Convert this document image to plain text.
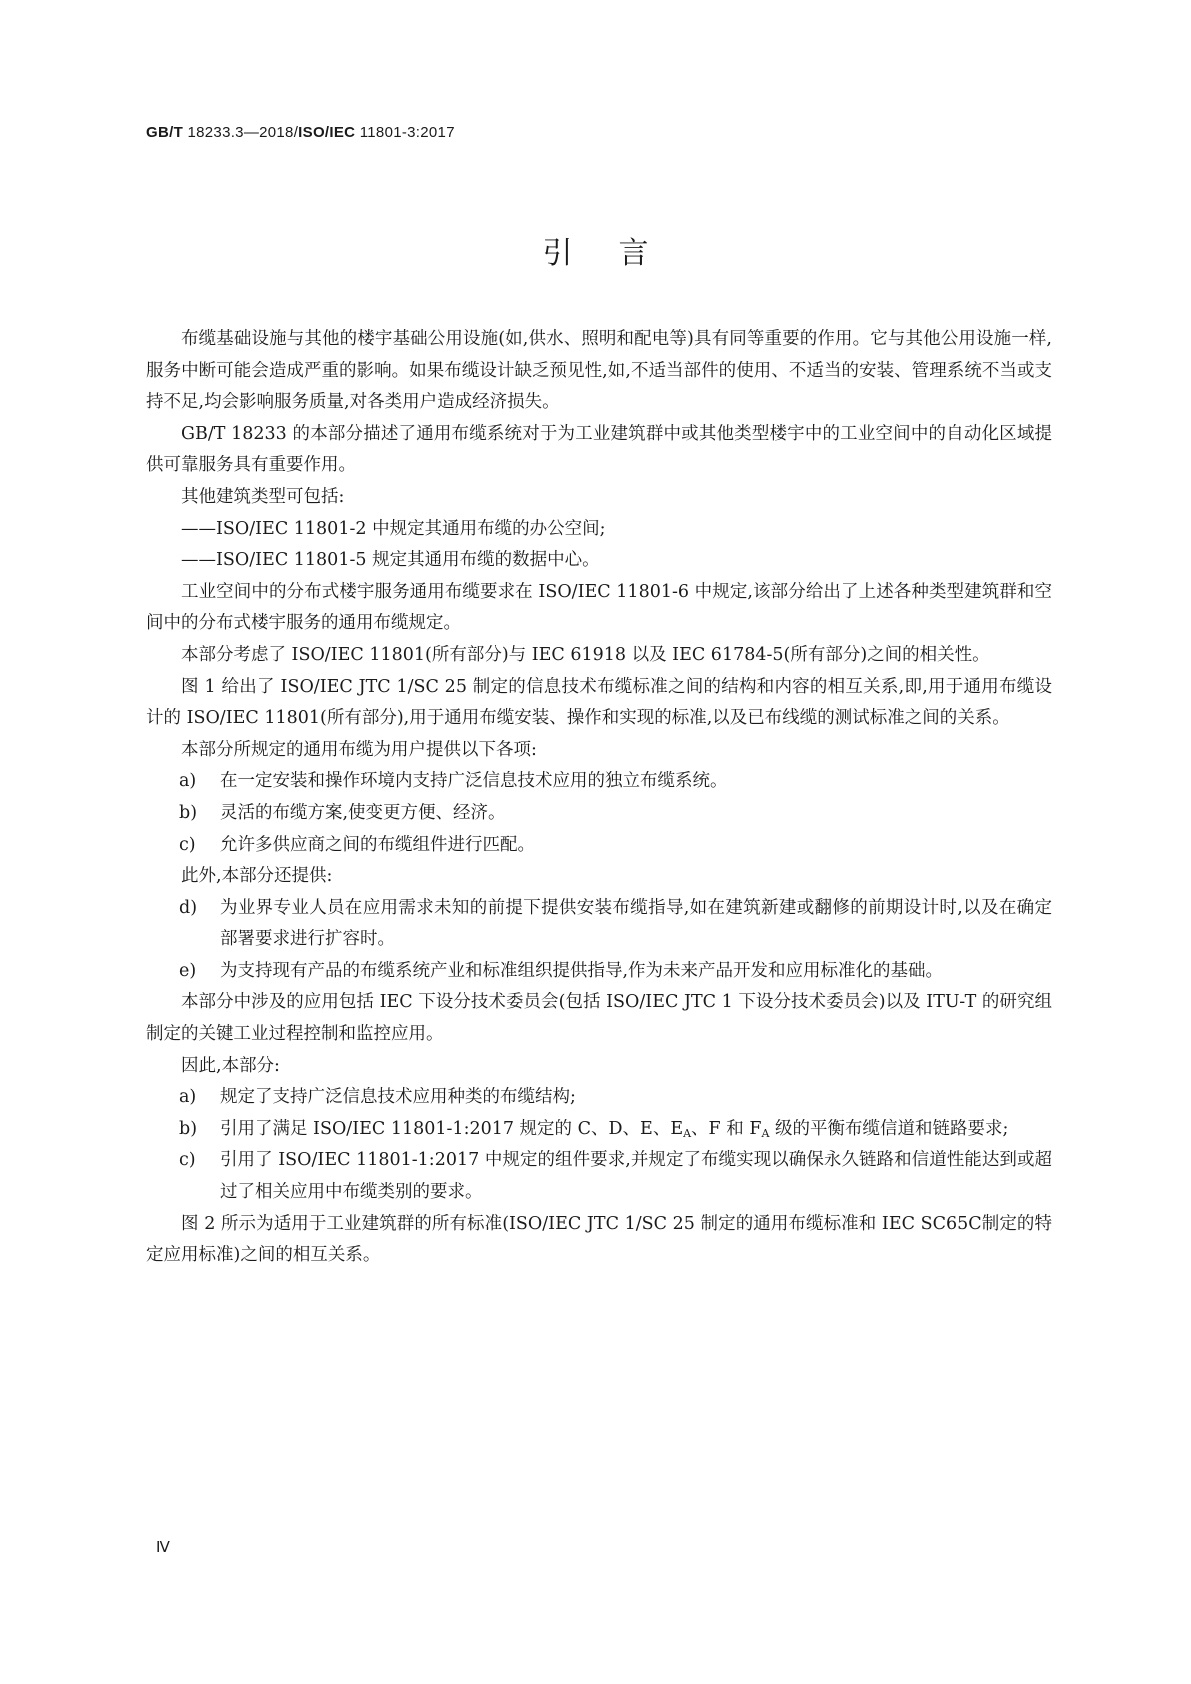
GB/T 18233.3—2018/ISO/IEC 11801-3:2017
引言

布缆基础设施与其他的楼宇基础公用设施(如,供水、照明和配电等)具有同等重要的作用。它与其他公用设施一样,服务中断可能会造成严重的影响。如果布缆设计缺乏预见性,如,不适当部件的使用、不适当的安装、管理系统不当或支持不足,均会影响服务质量,对各类用户造成经济损失。

GB/T 18233 的本部分描述了通用布缆系统对于为工业建筑群中或其他类型楼宇中的工业空间中的自动化区域提供可靠服务具有重要作用。

其他建筑类型可包括:

——ISO/IEC 11801-2 中规定其通用布缆的办公空间;

——ISO/IEC 11801-5 规定其通用布缆的数据中心。

工业空间中的分布式楼宇服务通用布缆要求在 ISO/IEC 11801-6 中规定,该部分给出了上述各种类型建筑群和空间中的分布式楼宇服务的通用布缆规定。

本部分考虑了 ISO/IEC 11801(所有部分)与 IEC 61918 以及 IEC 61784-5(所有部分)之间的相关性。

图 1 给出了 ISO/IEC JTC 1/SC 25 制定的信息技术布缆标准之间的结构和内容的相互关系,即,用于通用布缆设计的 ISO/IEC 11801(所有部分),用于通用布缆安装、操作和实现的标准,以及已布线缆的测试标准之间的关系。

本部分所规定的通用布缆为用户提供以下各项:

a) 在一定安装和操作环境内支持广泛信息技术应用的独立布缆系统。

b) 灵活的布缆方案,使变更方便、经济。

c) 允许多供应商之间的布缆组件进行匹配。

此外,本部分还提供:

d) 为业界专业人员在应用需求未知的前提下提供安装布缆指导,如在建筑新建或翻修的前期设计时,以及在确定部署要求进行扩容时。

e) 为支持现有产品的布缆系统产业和标准组织提供指导,作为未来产品开发和应用标准化的基础。

本部分中涉及的应用包括 IEC 下设分技术委员会(包括 ISO/IEC JTC 1 下设分技术委员会)以及 ITU-T 的研究组制定的关键工业过程控制和监控应用。

因此,本部分:

a) 规定了支持广泛信息技术应用种类的布缆结构;

b) 引用了满足 ISO/IEC 11801-1:2017 规定的 C、D、E、$E_A$、F 和 $F_A$ 级的平衡布缆信道和链路要求;

c) 引用了 ISO/IEC 11801-1:2017 中规定的组件要求,并规定了布缆实现以确保永久链路和信道性能达到或超过了相关应用中布缆类别的要求。

图 2 所示为适用于工业建筑群的所有标准(ISO/IEC JTC 1/SC 25 制定的通用布缆标准和 IEC SC65C制定的特定应用标准)之间的相互关系。

Ⅳ
